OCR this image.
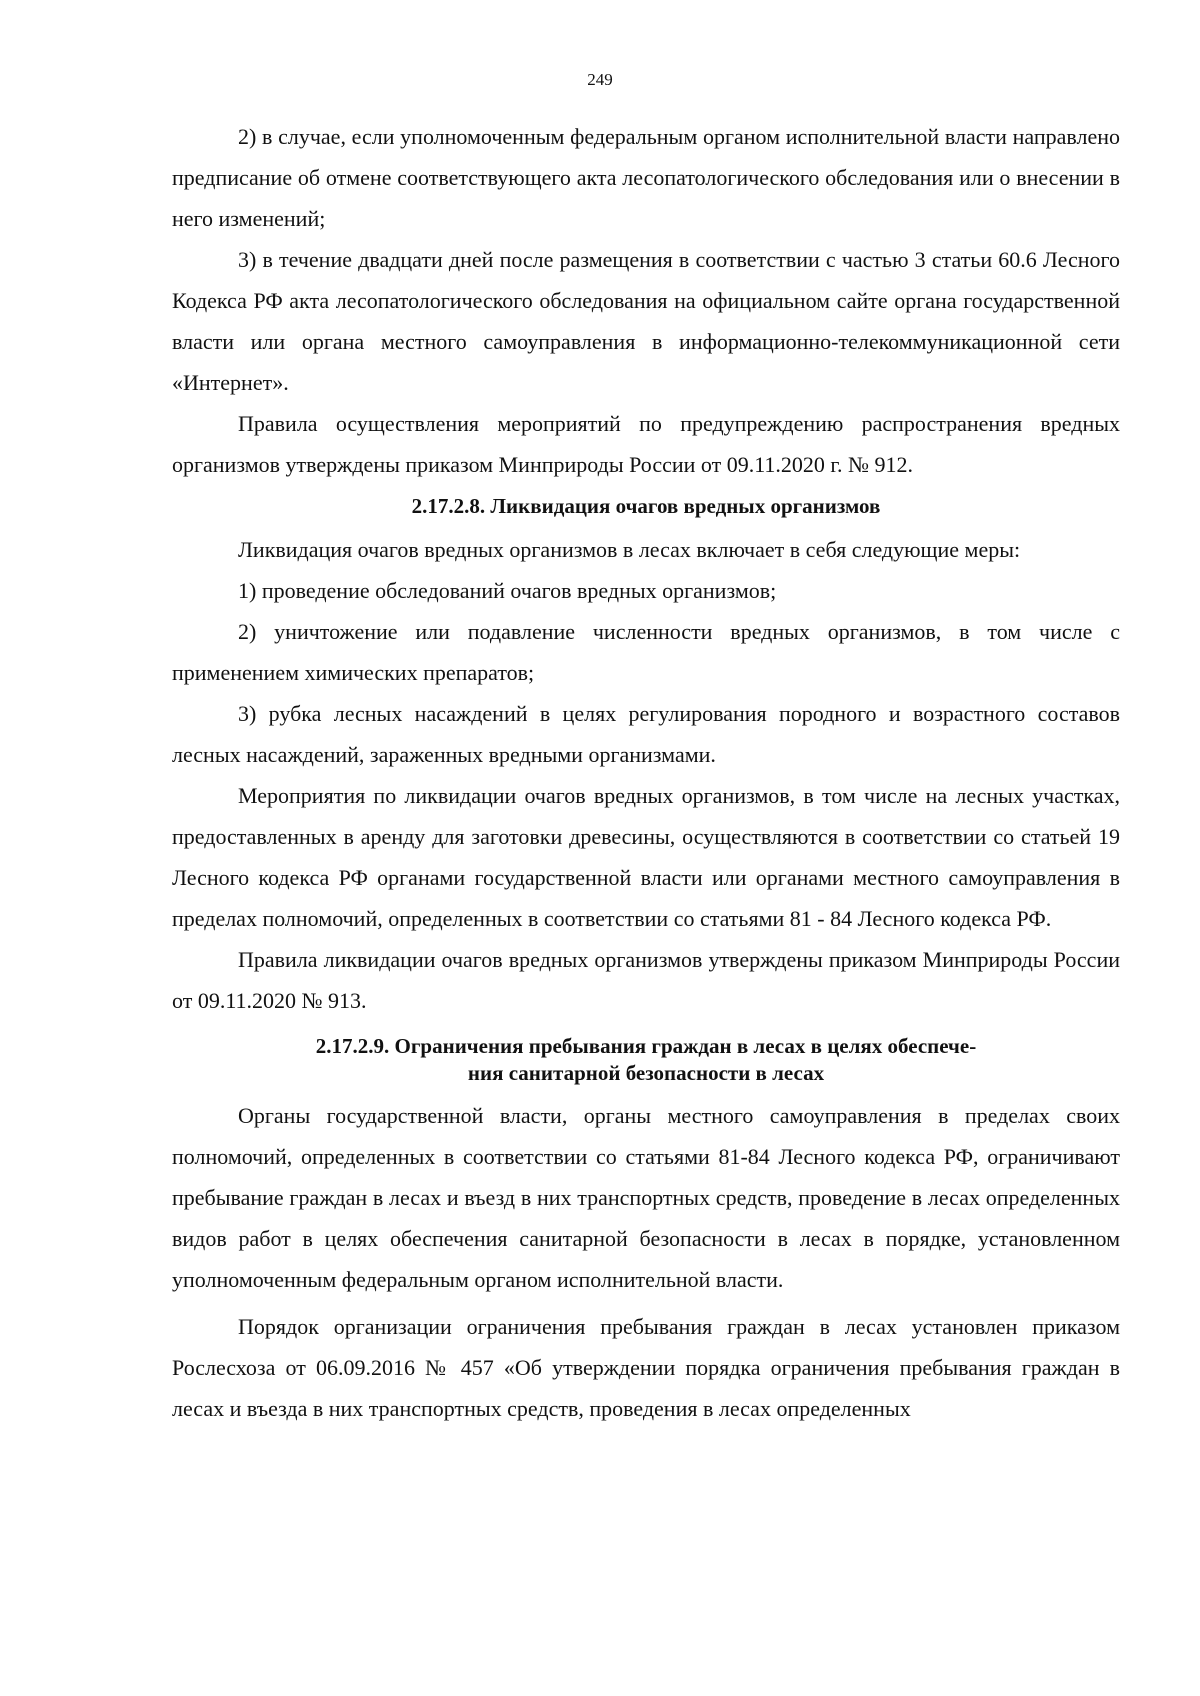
249

2) в случае, если уполномоченным федеральным органом исполнительной власти направлено предписание об отмене соответствующего акта лесопатологического обследования или о внесении в него изменений;

3) в течение двадцати дней после размещения в соответствии с частью 3 статьи 60.6 Лесного Кодекса РФ акта лесопатологического обследования на официальном сайте органа государственной власти или органа местного самоуправления в информационно-телекоммуникационной сети «Интернет».

Правила осуществления мероприятий по предупреждению распространения вредных организмов утверждены приказом Минприроды России от 09.11.2020 г. № 912.

2.17.2.8. Ликвидация очагов вредных организмов

Ликвидация очагов вредных организмов в лесах включает в себя следующие меры:

1) проведение обследований очагов вредных организмов;

2) уничтожение или подавление численности вредных организмов, в том числе с применением химических препаратов;

3) рубка лесных насаждений в целях регулирования породного и возрастного составов лесных насаждений, зараженных вредными организмами.

Мероприятия по ликвидации очагов вредных организмов, в том числе на лесных участках, предоставленных в аренду для заготовки древесины, осуществляются в соответствии со статьей 19 Лесного кодекса РФ органами государственной власти или органами местного самоуправления в пределах полномочий, определенных в соответствии со статьями 81 - 84 Лесного кодекса РФ.

Правила ликвидации очагов вредных организмов утверждены приказом Минприроды России от 09.11.2020 № 913.

2.17.2.9. Ограничения пребывания граждан в лесах в целях обеспече-
ния санитарной безопасности в лесах

Органы государственной власти, органы местного самоуправления в пределах своих полномочий, определенных в соответствии со статьями 81-84 Лесного кодекса РФ, ограничивают пребывание граждан в лесах и въезд в них транспортных средств, проведение в лесах определенных видов работ в целях обеспечения санитарной безопасности в лесах в порядке, установленном уполномоченным федеральным органом исполнительной власти.

Порядок организации ограничения пребывания граждан в лесах установлен приказом Рослесхоза от 06.09.2016 № 457 «Об утверждении порядка ограничения пребывания граждан в лесах и въезда в них транспортных средств, проведения в лесах определенных
